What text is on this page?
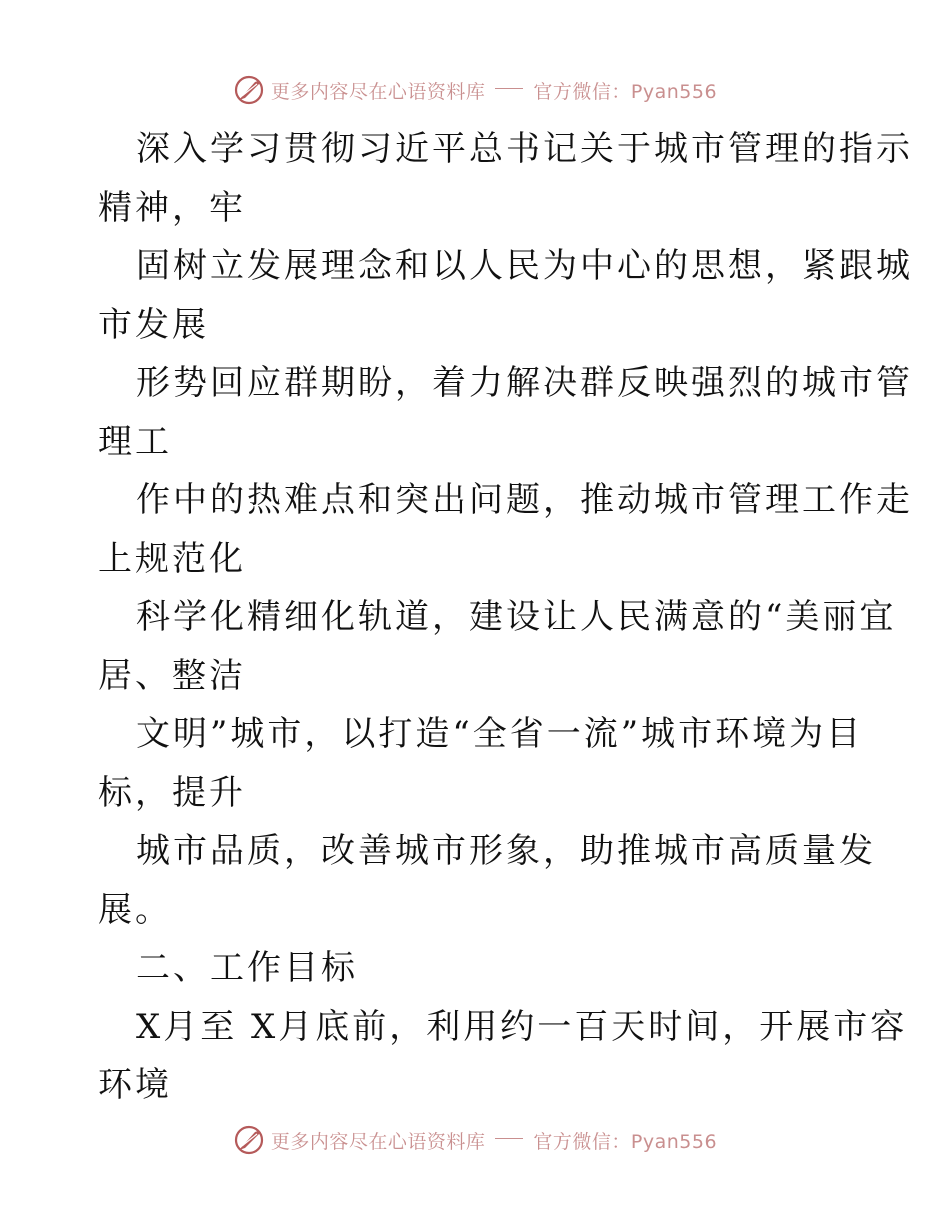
更多内容尽在心语资料库	官方微信：Pyan556
深入学习贯彻习近平总书记关于城市管理的指示
精神，牢
固树立发展理念和以人民为中心的思想，紧跟城
市发展
形势回应群期盼，着力解决群反映强烈的城市管
理工
作中的热难点和突出问题，推动城市管理工作走
上规范化
科学化精细化轨道，建设让人民满意的“美丽宜
居、整洁
文明”城市，以打造“全省一流”城市环境为目
标，提升
城市品质，改善城市形象，助推城市高质量发
展。
二、工作目标
X月至 X月底前，利用约一百天时间，开展市容
环境
更多内容尽在心语资料库	官方微信：Pyan556
